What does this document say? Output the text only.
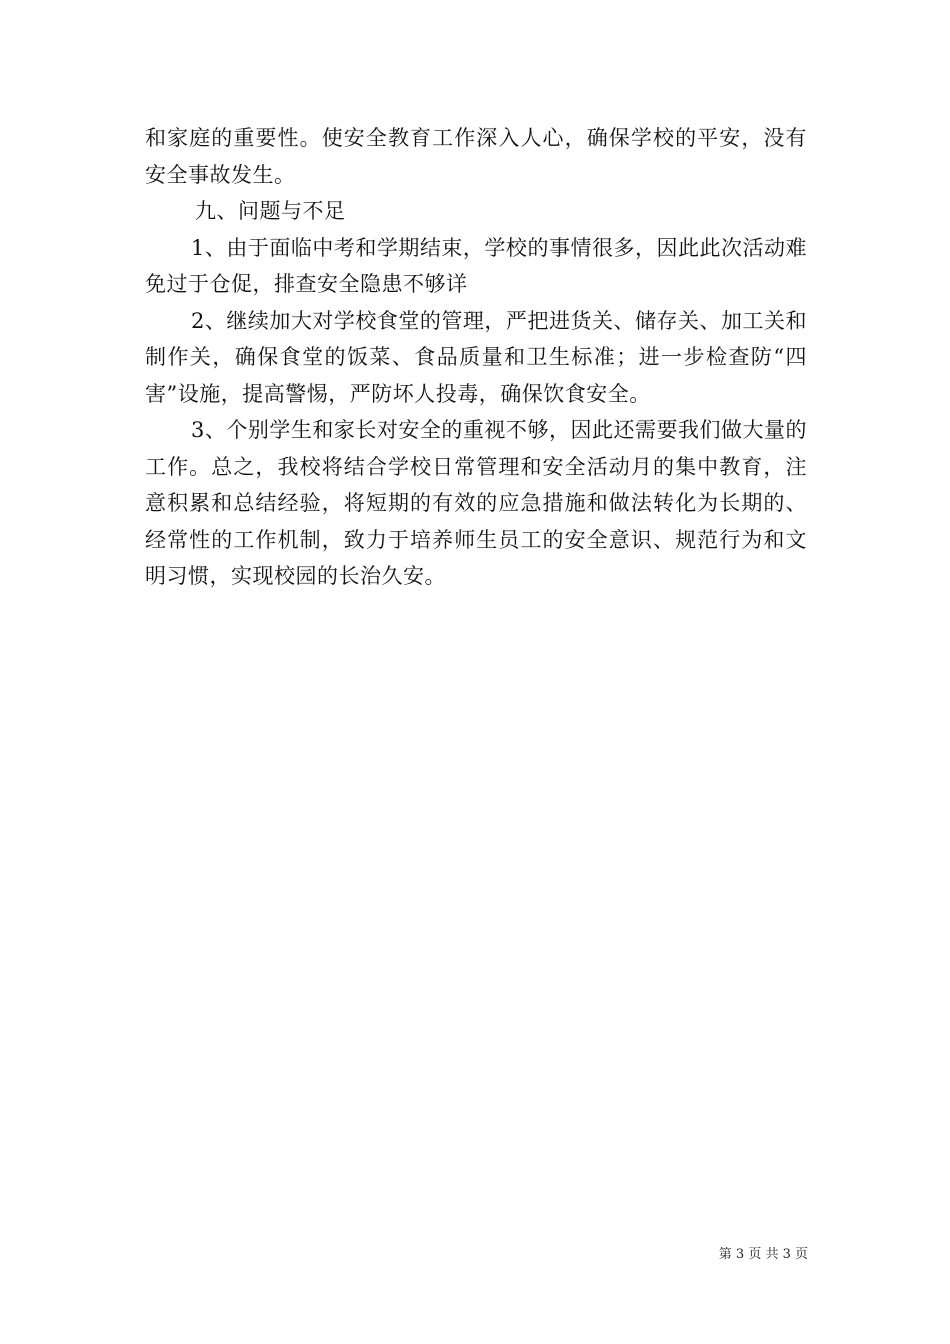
和家庭的重要性。使安全教育工作深入人心，确保学校的平安，没有安全事故发生。

九、问题与不足

1、由于面临中考和学期结束，学校的事情很多，因此此次活动难免过于仓促，排查安全隐患不够详

2、继续加大对学校食堂的管理，严把进货关、储存关、加工关和制作关，确保食堂的饭菜、食品质量和卫生标准；进一步检查防“四害”设施，提高警惕，严防坏人投毒，确保饮食安全。

3、个别学生和家长对安全的重视不够，因此还需要我们做大量的工作。总之，我校将结合学校日常管理和安全活动月的集中教育，注意积累和总结经验，将短期的有效的应急措施和做法转化为长期的、经常性的工作机制，致力于培养师生员工的安全意识、规范行为和文明习惯，实现校园的长治久安。

第 3 页 共 3 页
